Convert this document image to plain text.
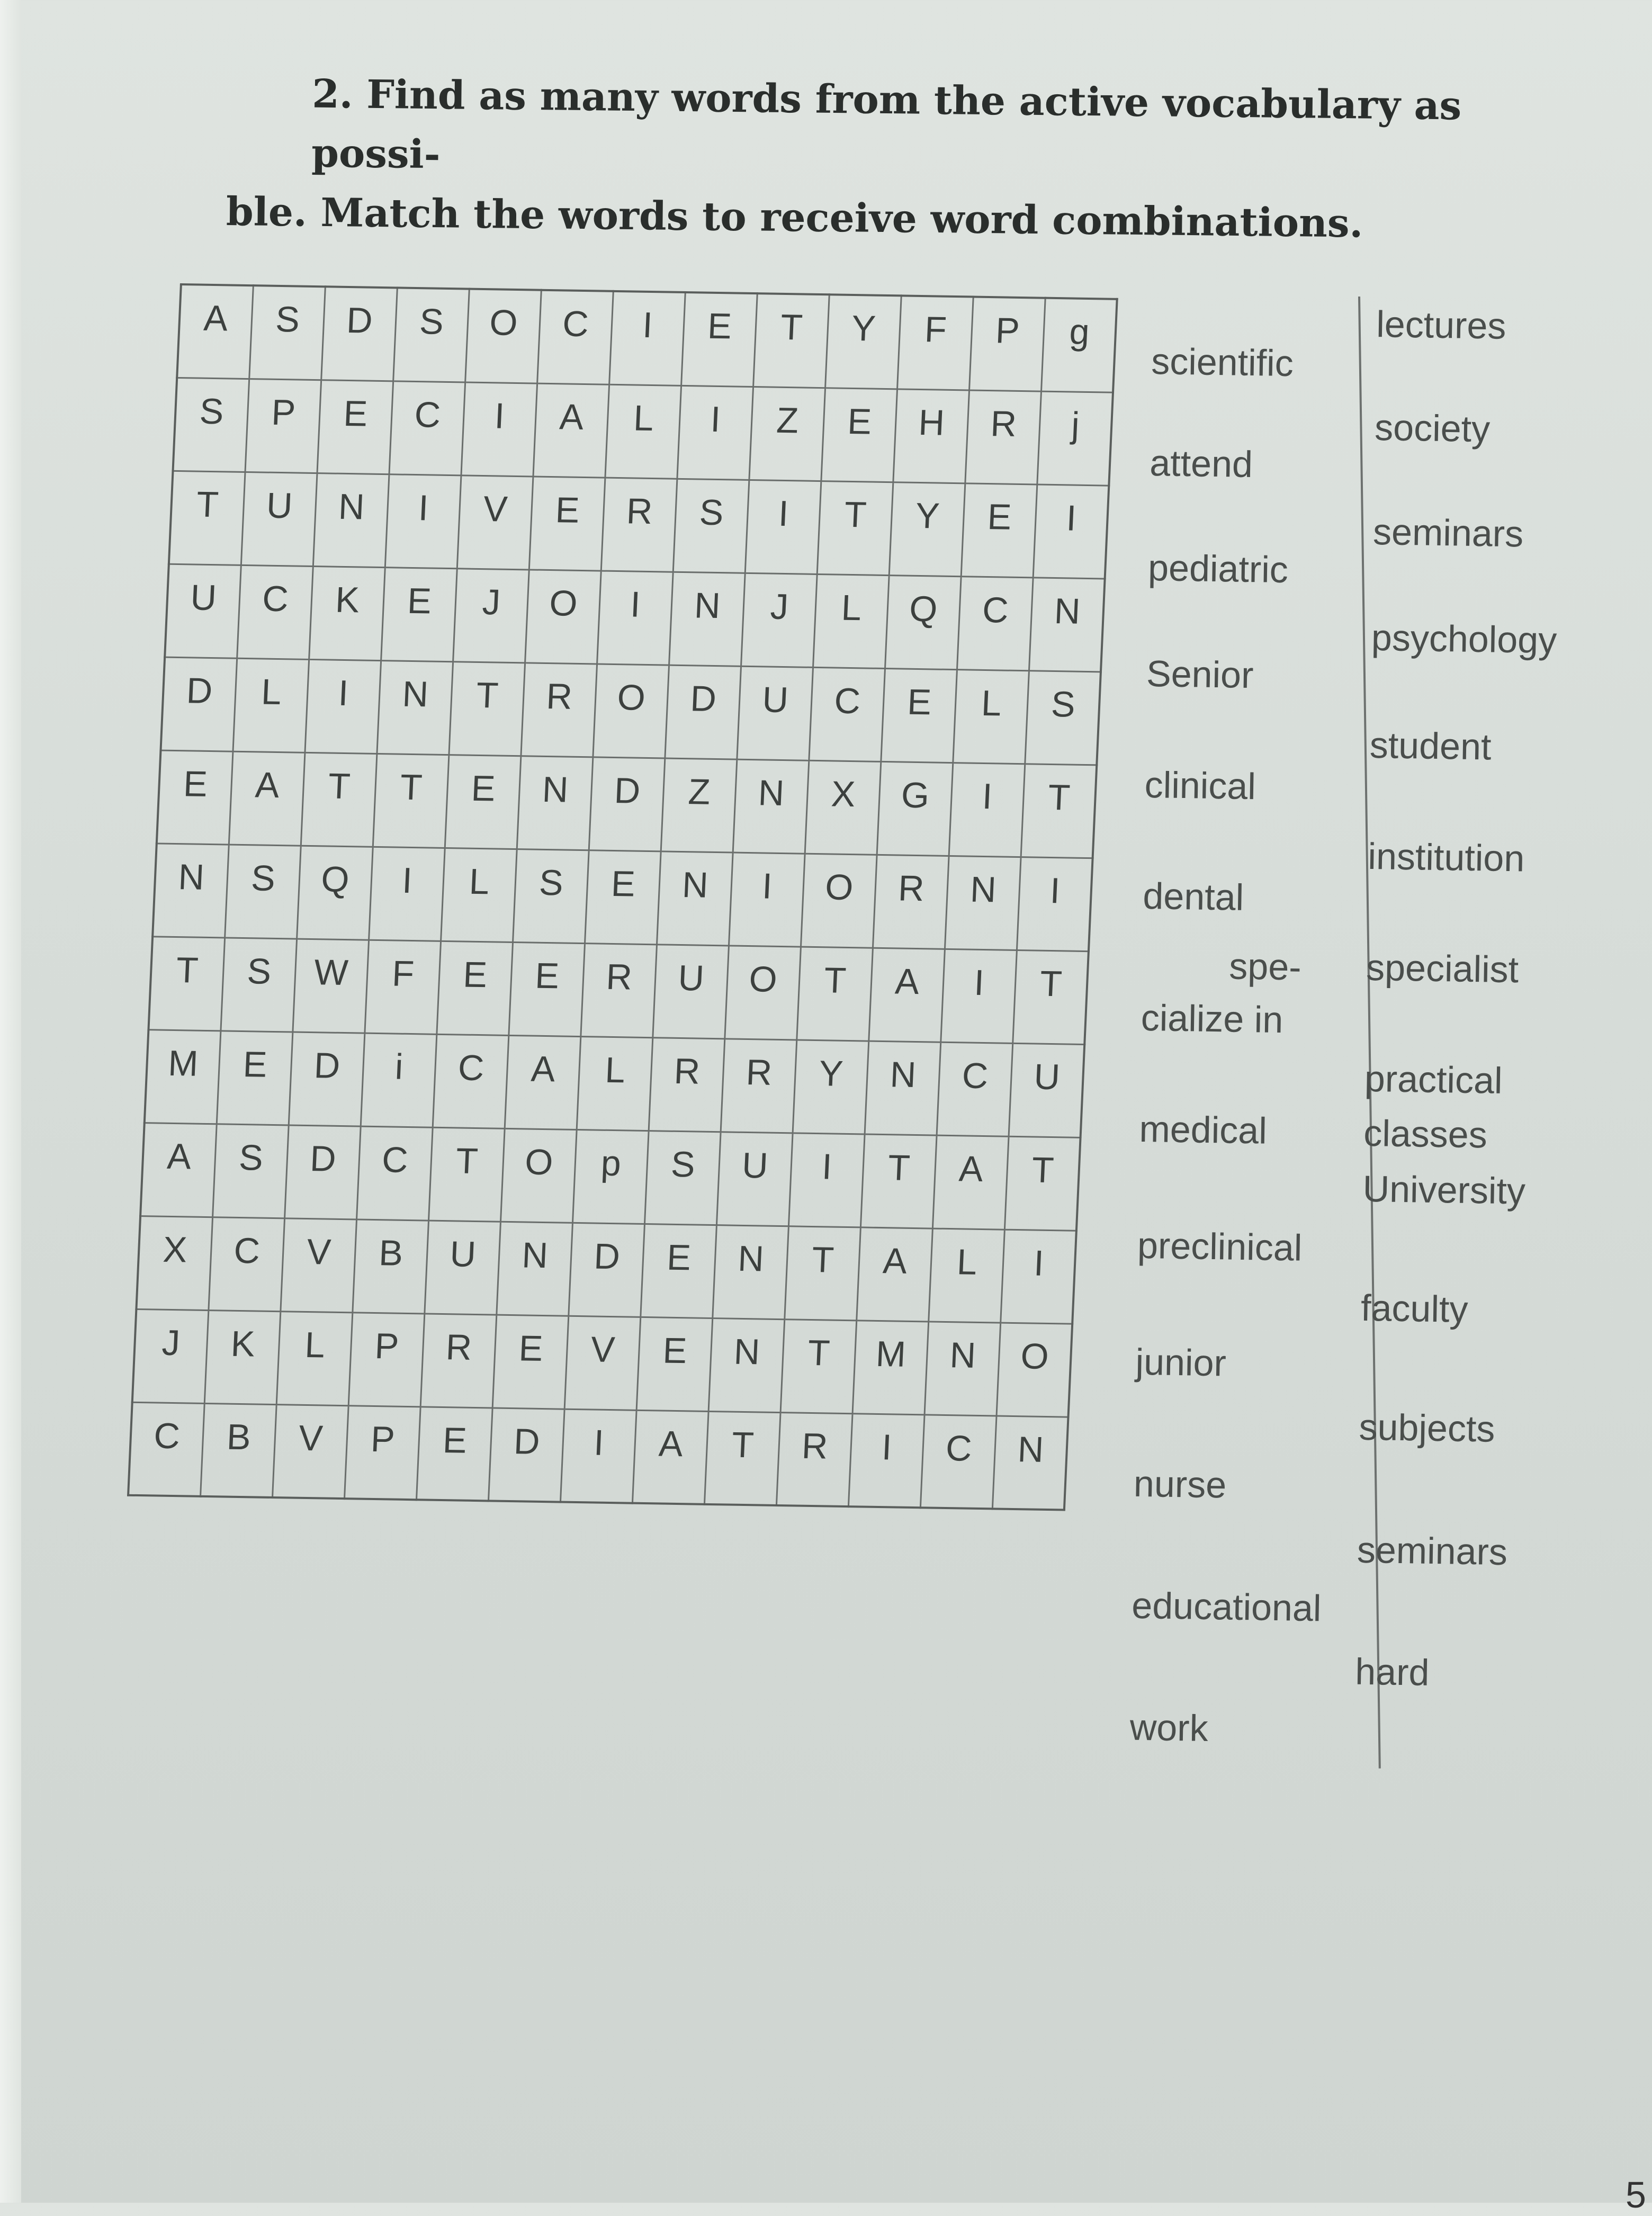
2. Find as many words from the active vocabulary as possi-
ble. Match the words to receive word combinations.
A	S	D	S	O	C	I	E	T	Y	F	P	g
S	P	E	C	I	A	L	I	Z	E	H	R	j
T	U	N	I	V	E	R	S	I	T	Y	E	I
U	C	K	E	J	O	I	N	J	L	Q	C	N
D	L	I	N	T	R	O	D	U	C	E	L	S
E	A	T	T	E	N	D	Z	N	X	G	I	T
N	S	Q	I	L	S	E	N	I	O	R	N	I
T	S	W	F	E	E	R	U	O	T	A	I	T
M	E	D	i	C	A	L	R	R	Y	N	C	U
A	S	D	C	T	O	p	S	U	I	T	A	T
X	C	V	B	U	N	D	E	N	T	A	L	I
J	K	L	P	R	E	V	E	N	T	M	N	O
C	B	V	P	E	D	I	A	T	R	I	C	N
scientific
attend
pediatric
Senior
clinical
dental
spe-
cialize in
medical
preclinical
junior
nurse
educational
work
lectures
society
seminars
psychology
student
institution
specialist
practical
classes
University
faculty
subjects
seminars
hard
5
